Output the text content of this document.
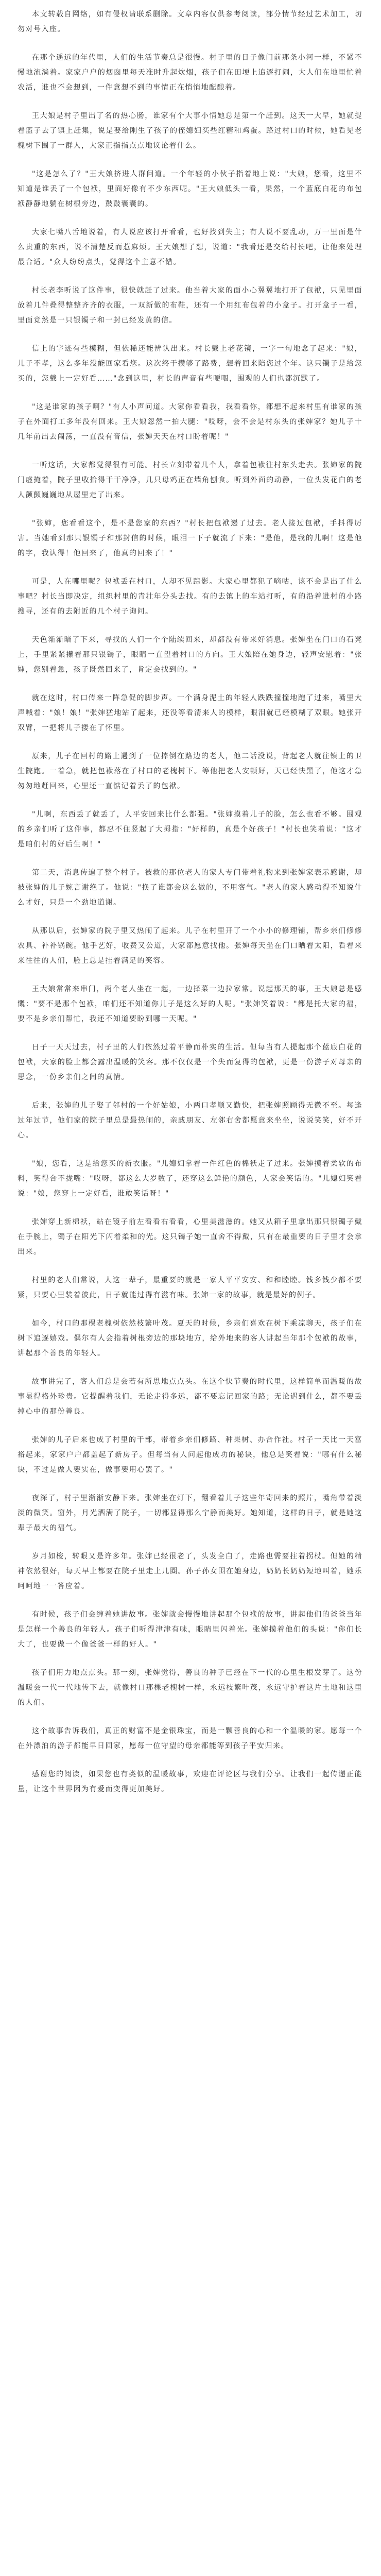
本文转载自网络，如有侵权请联系删除。文章内容仅供参考阅读，部分情节经过艺术加工，切勿对号入座。

在那个遥远的年代里，人们的生活节奏总是很慢。村子里的日子像门前那条小河一样，不紧不慢地流淌着。家家户户的烟囱里每天准时升起炊烟，孩子们在田埂上追逐打闹，大人们在地里忙着农活，谁也不会想到，一件意想不到的事情正在悄悄地酝酿着。

王大娘是村子里出了名的热心肠，谁家有个大事小情她总是第一个赶到。这天一大早，她就提着篮子去了镇上赶集，说是要给刚生了孩子的侄媳妇买些红糖和鸡蛋。路过村口的时候，她看见老槐树下围了一群人，大家正指指点点地议论着什么。

"这是怎么了？"王大娘挤进人群问道。一个年轻的小伙子指着地上说："大娘，您看，这里不知道是谁丢了一个包袱，里面好像有不少东西呢。"王大娘低头一看，果然，一个蓝底白花的布包袱静静地躺在树根旁边，鼓鼓囊囊的。

大家七嘴八舌地说着，有人说应该打开看看，也好找到失主；有人说不要乱动，万一里面是什么贵重的东西，说不清楚反而惹麻烦。王大娘想了想，说道："我看还是交给村长吧，让他来处理最合适。"众人纷纷点头，觉得这个主意不错。

村长老李听说了这件事，很快就赶了过来。他当着大家的面小心翼翼地打开了包袱，只见里面放着几件叠得整整齐齐的衣服，一双新做的布鞋，还有一个用红布包着的小盒子。打开盒子一看，里面竟然是一只银镯子和一封已经发黄的信。

信上的字迹有些模糊，但依稀还能辨认出来。村长戴上老花镜，一字一句地念了起来："娘，儿子不孝，这么多年没能回家看您。这次终于攒够了路费，想着回来陪您过个年。这只镯子是给您买的，您戴上一定好看……"念到这里，村长的声音有些哽咽，围观的人们也都沉默了。

"这是谁家的孩子啊？"有人小声问道。大家你看看我，我看看你，都想不起来村里有谁家的孩子在外面打工多年没有回来。王大娘忽然一拍大腿："哎呀，会不会是村东头的张婶家？她儿子十几年前出去闯荡，一直没有音信，张婶天天在村口盼着呢！"

一听这话，大家都觉得很有可能。村长立刻带着几个人，拿着包袱往村东头走去。张婶家的院门虚掩着，院子里收拾得干干净净，几只母鸡正在墙角刨食。听到外面的动静，一位头发花白的老人颤颤巍巍地从屋里走了出来。

"张婶，您看看这个，是不是您家的东西？"村长把包袱递了过去。老人接过包袱，手抖得厉害。当她看到那只银镯子和那封信的时候，眼泪一下子就流了下来："是他，是我的儿啊！这是他的字，我认得！他回来了，他真的回来了！"

可是，人在哪里呢？包袱丢在村口，人却不见踪影。大家心里都犯了嘀咕，该不会是出了什么事吧？村长当即决定，组织村里的青壮年分头去找。有的去镇上的车站打听，有的沿着进村的小路搜寻，还有的去附近的几个村子询问。

天色渐渐暗了下来，寻找的人们一个个陆续回来，却都没有带来好消息。张婶坐在门口的石凳上，手里紧紧攥着那只银镯子，眼睛一直望着村口的方向。王大娘陪在她身边，轻声安慰着："张婶，您别着急，孩子既然回来了，肯定会找到的。"

就在这时，村口传来一阵急促的脚步声。一个满身泥土的年轻人跌跌撞撞地跑了过来，嘴里大声喊着："娘！娘！"张婶猛地站了起来，还没等看清来人的模样，眼泪就已经模糊了双眼。她张开双臂，一把将儿子搂在了怀里。

原来，儿子在回村的路上遇到了一位摔倒在路边的老人，他二话没说，背起老人就往镇上的卫生院跑。一着急，就把包袱落在了村口的老槐树下。等他把老人安顿好，天已经快黑了，他这才急匆匆地赶回来，心里还一直惦记着丢了的包袱。

"儿啊，东西丢了就丢了，人平安回来比什么都强。"张婶摸着儿子的脸，怎么也看不够。围观的乡亲们听了这件事，都忍不住竖起了大拇指："好样的，真是个好孩子！"村长也笑着说："这才是咱们村的好后生啊！"

第二天，消息传遍了整个村子。被救的那位老人的家人专门带着礼物来到张婶家表示感谢，却被张婶的儿子婉言谢绝了。他说："换了谁都会这么做的，不用客气。"老人的家人感动得不知说什么才好，只是一个劲地道谢。

从那以后，张婶家的院子里又热闹了起来。儿子在村里开了一个小小的修理铺，帮乡亲们修修农具、补补锅碗。他手艺好，收费又公道，大家都愿意找他。张婶每天坐在门口晒着太阳，看着来来往往的人们，脸上总是挂着满足的笑容。

王大娘常常来串门，两个老人坐在一起，一边择菜一边拉家常。说起那天的事，王大娘总是感慨："要不是那个包袱，咱们还不知道你儿子是这么好的人呢。"张婶笑着说："都是托大家的福，要不是乡亲们帮忙，我还不知道要盼到哪一天呢。"

日子一天天过去，村子里的人们依然过着平静而朴实的生活。但每当有人提起那个蓝底白花的包袱，大家的脸上都会露出温暖的笑容。那不仅仅是一个失而复得的包袱，更是一份游子对母亲的思念，一份乡亲们之间的真情。

后来，张婶的儿子娶了邻村的一个好姑娘，小两口孝顺又勤快，把张婶照顾得无微不至。每逢过年过节，他们家的院子里总是最热闹的，亲戚朋友、左邻右舍都愿意来坐坐，说说笑笑，好不开心。

"娘，您看，这是给您买的新衣服。"儿媳妇拿着一件红色的棉袄走了过来。张婶摸着柔软的布料，笑得合不拢嘴："哎呀，都这么大岁数了，还穿这么鲜艳的颜色，人家会笑话的。"儿媳妇笑着说："娘，您穿上一定好看，谁敢笑话呀！"

张婶穿上新棉袄，站在镜子前左看看右看看，心里美滋滋的。她又从箱子里拿出那只银镯子戴在手腕上，镯子在阳光下闪着柔和的光。这只镯子她一直舍不得戴，只有在最重要的日子里才会拿出来。

村里的老人们常说，人这一辈子，最重要的就是一家人平平安安、和和睦睦。钱多钱少都不要紧，只要心里装着彼此，日子就能过得有滋有味。张婶一家的故事，就是最好的例子。

如今，村口的那棵老槐树依然枝繁叶茂。夏天的时候，乡亲们喜欢在树下乘凉聊天，孩子们在树下追逐嬉戏。偶尔有人会指着树根旁边的那块地方，给外地来的客人讲起当年那个包袱的故事，讲起那个善良的年轻人。

故事讲完了，客人们总是会若有所思地点点头。在这个快节奏的时代里，这样简单而温暖的故事显得格外珍贵。它提醒着我们，无论走得多远，都不要忘记回家的路；无论遇到什么，都不要丢掉心中的那份善良。

张婶的儿子后来也成了村里的干部，带着乡亲们修路、种果树、办合作社。村子一天比一天富裕起来，家家户户都盖起了新房子。但每当有人问起他成功的秘诀，他总是笑着说："哪有什么秘诀，不过是做人要实在，做事要用心罢了。"

夜深了，村子里渐渐安静下来。张婶坐在灯下，翻看着儿子这些年寄回来的照片，嘴角带着淡淡的微笑。窗外，月光洒满了院子，一切都显得那么宁静而美好。她知道，这样的日子，就是她这辈子最大的福气。

岁月如梭，转眼又是许多年。张婶已经很老了，头发全白了，走路也需要拄着拐杖。但她的精神依然很好，每天早上都要在院子里走上几圈。孙子孙女围在她身边，奶奶长奶奶短地叫着，她乐呵呵地一一答应着。

有时候，孩子们会缠着她讲故事。张婶就会慢慢地讲起那个包袱的故事，讲起他们的爸爸当年是怎样一个善良的年轻人。孩子们听得津津有味，眼睛里闪着光。张婶摸着他们的头说："你们长大了，也要做一个像爸爸一样的好人。"

孩子们用力地点点头。那一刻，张婶觉得，善良的种子已经在下一代的心里生根发芽了。这份温暖会一代一代地传下去，就像村口那棵老槐树一样，永远枝繁叶茂，永远守护着这片土地和这里的人们。

这个故事告诉我们，真正的财富不是金银珠宝，而是一颗善良的心和一个温暖的家。愿每一个在外漂泊的游子都能早日回家，愿每一位守望的母亲都能等到孩子平安归来。

感谢您的阅读，如果您也有类似的温暖故事，欢迎在评论区与我们分享。让我们一起传递正能量，让这个世界因为有爱而变得更加美好。
